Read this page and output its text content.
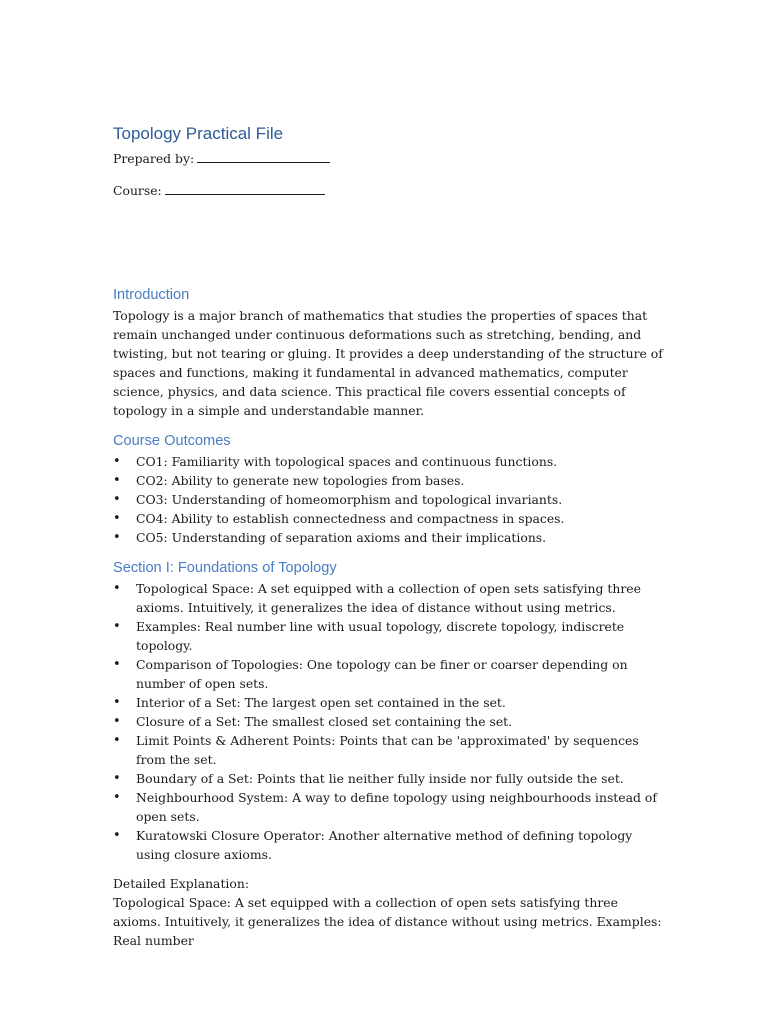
Topology Practical File
Prepared by:
Course:
Introduction

Topology is a major branch of mathematics that studies the properties of spaces that remain unchanged under continuous deformations such as stretching, bending, and twisting, but not tearing or gluing. It provides a deep understanding of the structure of spaces and functions, making it fundamental in advanced mathematics, computer science, physics, and data science. This practical file covers essential concepts of topology in a simple and understandable manner.

Course Outcomes
• CO1: Familiarity with topological spaces and continuous functions.
• CO2: Ability to generate new topologies from bases.
• CO3: Understanding of homeomorphism and topological invariants.
• CO4: Ability to establish connectedness and compactness in spaces.
• CO5: Understanding of separation axioms and their implications.
Section I: Foundations of Topology
• Topological Space: A set equipped with a collection of open sets satisfying three axioms. Intuitively, it generalizes the idea of distance without using metrics.
• Examples: Real number line with usual topology, discrete topology, indiscrete topology.
• Comparison of Topologies: One topology can be finer or coarser depending on number of open sets.
• Interior of a Set: The largest open set contained in the set.
• Closure of a Set: The smallest closed set containing the set.
• Limit Points & Adherent Points: Points that can be 'approximated' by sequences from the set.
• Boundary of a Set: Points that lie neither fully inside nor fully outside the set.
• Neighbourhood System: A way to define topology using neighbourhoods instead of open sets.
• Kuratowski Closure Operator: Another alternative method of defining topology using closure axioms.

Detailed Explanation:

Topological Space: A set equipped with a collection of open sets satisfying three axioms. Intuitively, it generalizes the idea of distance without using metrics. Examples: Real number
